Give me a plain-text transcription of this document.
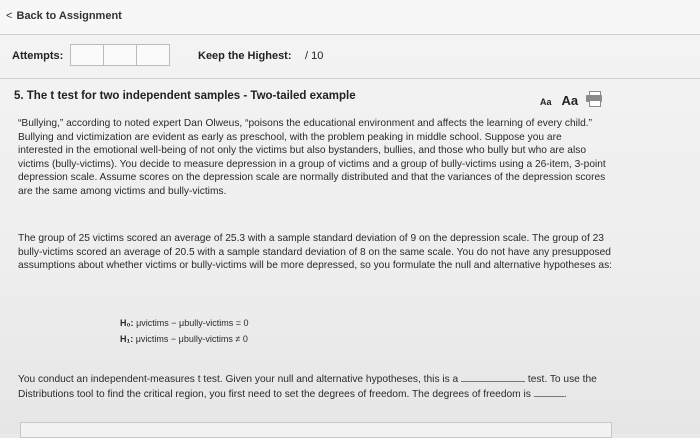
< Back to Assignment
Attempts:	Keep the Highest: / 10
5. The t test for two independent samples - Two-tailed example	Aa Aa
“Bullying,” according to noted expert Dan Olweus, “poisons the educational environment and affects the learning of every child.” Bullying and victimization are evident as early as preschool, with the problem peaking in middle school. Suppose you are interested in the emotional well-being of not only the victims but also bystanders, bullies, and those who bully but who are also victims (bully-victims). You decide to measure depression in a group of victims and a group of bully-victims using a 26-item, 3-point depression scale. Assume scores on the depression scale are normally distributed and that the variances of the depression scores are the same among victims and bully-victims.
The group of 25 victims scored an average of 25.3 with a sample standard deviation of 9 on the depression scale. The group of 23 bully-victims scored an average of 20.5 with a sample standard deviation of 8 on the same scale. You do not have any presupposed assumptions about whether victims or bully-victims will be more depressed, so you formulate the null and alternative hypotheses as:
H₀: μvictims − μbully-victims = 0
H₁: μvictims − μbully-victims ≠ 0
You conduct an independent-measures t test. Given your null and alternative hypotheses, this is a	test. To use the Distributions tool to find the critical region, you first need to set the degrees of freedom. The degrees of freedom is	.
